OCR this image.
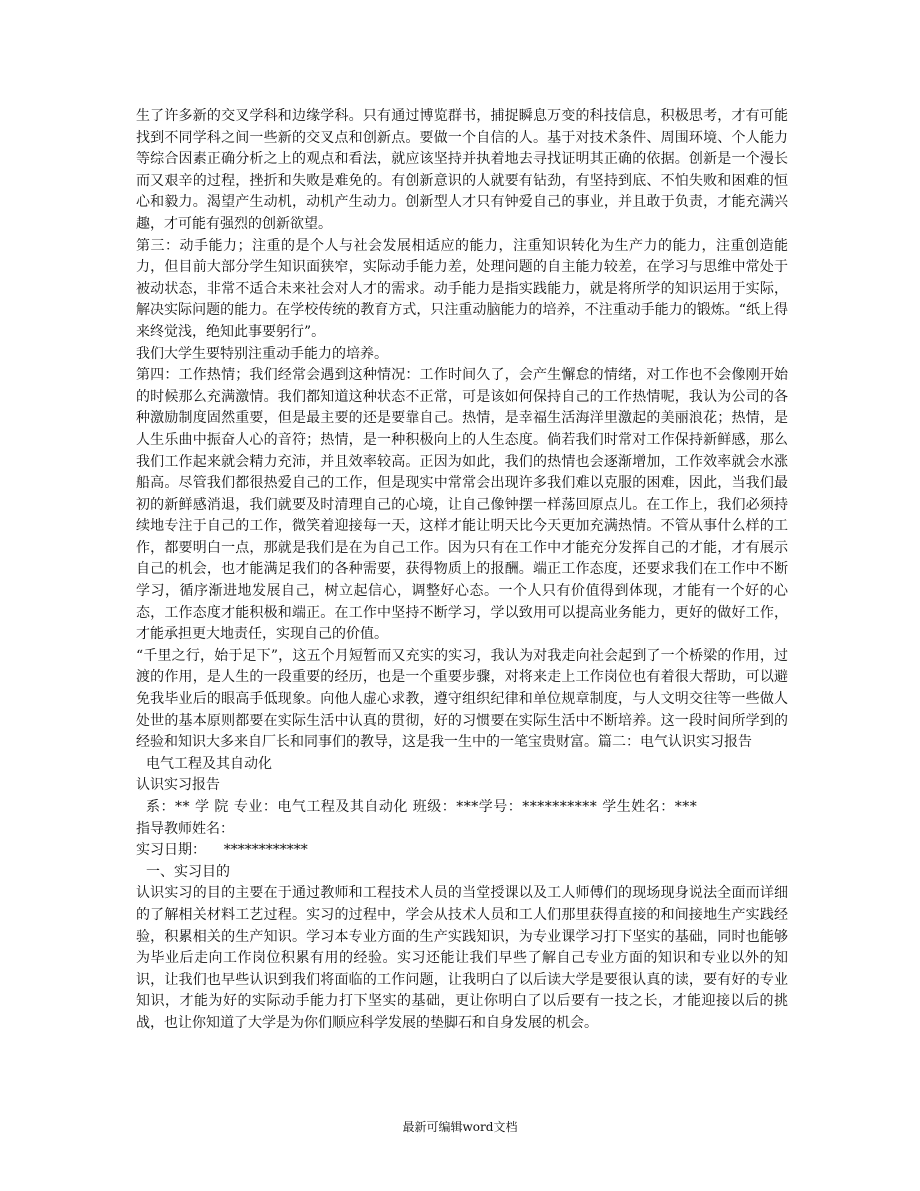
生了许多新的交叉学科和边缘学科。只有通过博览群书，捕捉瞬息万变的科技信息，积极思考，才有可能找到不同学科之间一些新的交叉点和创新点。要做一个自信的人。基于对技术条件、周围环境、个人能力等综合因素正确分析之上的观点和看法，就应该坚持并执着地去寻找证明其正确的依据。创新是一个漫长而又艰辛的过程，挫折和失败是难免的。有创新意识的人就要有钻劲，有坚持到底、不怕失败和困难的恒心和毅力。渴望产生动机，动机产生动力。创新型人才只有钟爱自己的事业，并且敢于负责，才能充满兴趣，才可能有强烈的创新欲望。

第三：动手能力；注重的是个人与社会发展相适应的能力，注重知识转化为生产力的能力，注重创造能力，但目前大部分学生知识面狭窄，实际动手能力差，处理问题的自主能力较差，在学习与思维中常处于被动状态，非常不适合未来社会对人才的需求。动手能力是指实践能力，就是将所学的知识运用于实际，解决实际问题的能力。在学校传统的教育方式，只注重动脑能力的培养，不注重动手能力的锻炼。“纸上得来终觉浅，绝知此事要躬行”。

我们大学生要特别注重动手能力的培养。

第四：工作热情；我们经常会遇到这种情况：工作时间久了，会产生懈怠的情绪，对工作也不会像刚开始的时候那么充满激情。我们都知道这种状态不正常，可是该如何保持自己的工作热情呢，我认为公司的各种激励制度固然重要，但是最主要的还是要靠自己。热情，是幸福生活海洋里激起的美丽浪花；热情，是人生乐曲中振奋人心的音符；热情，是一种积极向上的人生态度。倘若我们时常对工作保持新鲜感，那么我们工作起来就会精力充沛，并且效率较高。正因为如此，我们的热情也会逐渐增加，工作效率就会水涨船高。尽管我们都很热爱自己的工作，但是现实中常常会出现许多我们难以克服的困难，因此，当我们最初的新鲜感消退，我们就要及时清理自己的心境，让自己像钟摆一样荡回原点儿。在工作上，我们必须持续地专注于自己的工作，微笑着迎接每一天，这样才能让明天比今天更加充满热情。不管从事什么样的工作，都要明白一点，那就是我们是在为自己工作。因为只有在工作中才能充分发挥自己的才能，才有展示自己的机会，也才能满足我们的各种需要，获得物质上的报酬。端正工作态度，还要求我们在工作中不断学习，循序渐进地发展自己，树立起信心，调整好心态。一个人只有价值得到体现，才能有一个好的心态，工作态度才能积极和端正。在工作中坚持不断学习，学以致用可以提高业务能力，更好的做好工作，才能承担更大地责任，实现自己的价值。

“千里之行，始于足下”，这五个月短暂而又充实的实习，我认为对我走向社会起到了一个桥梁的作用，过渡的作用，是人生的一段重要的经历，也是一个重要步骤，对将来走上工作岗位也有着很大帮助，可以避免我毕业后的眼高手低现象。向他人虚心求教，遵守组织纪律和单位规章制度，与人文明交往等一些做人处世的基本原则都要在实际生活中认真的贯彻，好的习惯要在实际生活中不断培养。这一段时间所学到的经验和知识大多来自厂长和同事们的教导，这是我一生中的一笔宝贵财富。篇二：电气认识实习报告

电气工程及其自动化

认识实习报告

系：** 学 院 专业：电气工程及其自动化 班级：***学号：********** 学生姓名：***

指导教师姓名：

实习日期：    ************

一、实习目的

认识实习的目的主要在于通过教师和工程技术人员的当堂授课以及工人师傅们的现场现身说法全面而详细的了解相关材料工艺过程。实习的过程中，学会从技术人员和工人们那里获得直接的和间接地生产实践经验，积累相关的生产知识。学习本专业方面的生产实践知识，为专业课学习打下坚实的基础，同时也能够为毕业后走向工作岗位积累有用的经验。实习还能让我们早些了解自己专业方面的知识和专业以外的知识，让我们也早些认识到我们将面临的工作问题，让我明白了以后读大学是要很认真的读，要有好的专业知识，才能为好的实际动手能力打下坚实的基础，更让你明白了以后要有一技之长，才能迎接以后的挑战，也让你知道了大学是为你们顺应科学发展的垫脚石和自身发展的机会。

最新可编辑word文档
